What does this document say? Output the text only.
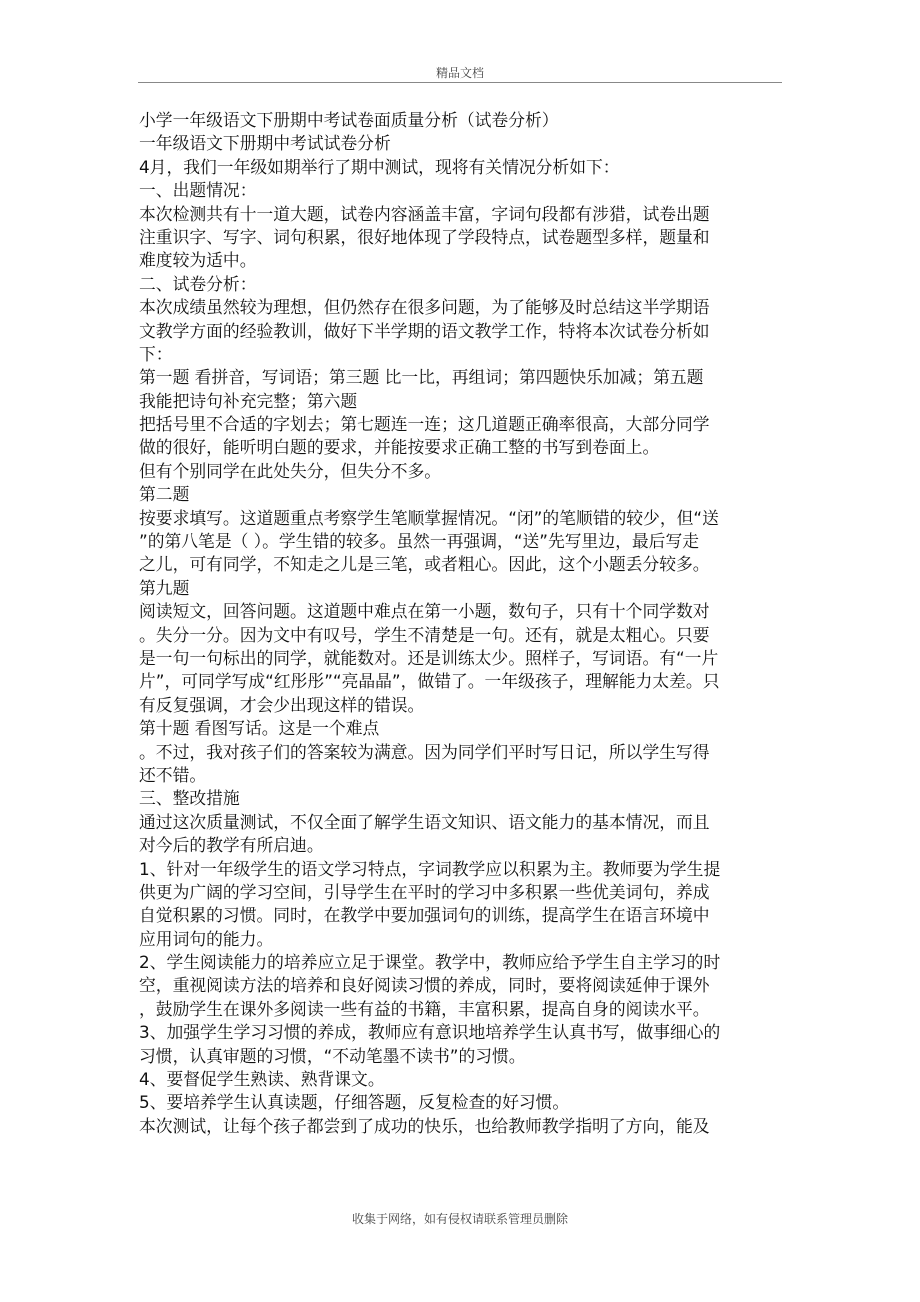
精品文档
小学一年级语文下册期中考试卷面质量分析（试卷分析）
一年级语文下册期中考试试卷分析
4月，我们一年级如期举行了期中测试，现将有关情况分析如下：
一、出题情况：
本次检测共有十一道大题，试卷内容涵盖丰富，字词句段都有涉猎，试卷出题
注重识字、写字、词句积累，很好地体现了学段特点，试卷题型多样，题量和
难度较为适中。
二、试卷分析：
本次成绩虽然较为理想，但仍然存在很多问题，为了能够及时总结这半学期语
文教学方面的经验教训，做好下半学期的语文教学工作，特将本次试卷分析如
下：
第一题 看拼音，写词语；第三题 比一比，再组词；第四题快乐加减；第五题
我能把诗句补充完整；第六题
把括号里不合适的字划去；第七题连一连；这几道题正确率很高，大部分同学
做的很好，能听明白题的要求，并能按要求正确工整的书写到卷面上。
但有个别同学在此处失分，但失分不多。
第二题
按要求填写。这道题重点考察学生笔顺掌握情况。“闭”的笔顺错的较少，但“送
”的第八笔是（ ）。学生错的较多。虽然一再强调，“送”先写里边，最后写走
之儿，可有同学，不知走之儿是三笔，或者粗心。因此，这个小题丢分较多。
第九题
阅读短文，回答问题。这道题中难点在第一小题，数句子，只有十个同学数对
。失分一分。因为文中有叹号，学生不清楚是一句。还有，就是太粗心。只要
是一句一句标出的同学，就能数对。还是训练太少。照样子，写词语。有“一片
片”，可同学写成“红彤彤”“亮晶晶”，做错了。一年级孩子，理解能力太差。只
有反复强调，才会少出现这样的错误。
第十题 看图写话。这是一个难点
。不过，我对孩子们的答案较为满意。因为同学们平时写日记，所以学生写得
还不错。
三、整改措施
通过这次质量测试，不仅全面了解学生语文知识、语文能力的基本情况，而且
对今后的教学有所启迪。
1、针对一年级学生的语文学习特点，字词教学应以积累为主。教师要为学生提
供更为广阔的学习空间，引导学生在平时的学习中多积累一些优美词句，养成
自觉积累的习惯。同时，在教学中要加强词句的训练，提高学生在语言环境中
应用词句的能力。
2、学生阅读能力的培养应立足于课堂。教学中，教师应给予学生自主学习的时
空，重视阅读方法的培养和良好阅读习惯的养成，同时，要将阅读延伸于课外
，鼓励学生在课外多阅读一些有益的书籍，丰富积累，提高自身的阅读水平。
3、加强学生学习习惯的养成，教师应有意识地培养学生认真书写，做事细心的
习惯，认真审题的习惯，“不动笔墨不读书”的习惯。
4、要督促学生熟读、熟背课文。
5、要培养学生认真读题，仔细答题，反复检查的好习惯。
本次测试，让每个孩子都尝到了成功的快乐，也给教师教学指明了方向，能及
收集于网络，如有侵权请联系管理员删除
